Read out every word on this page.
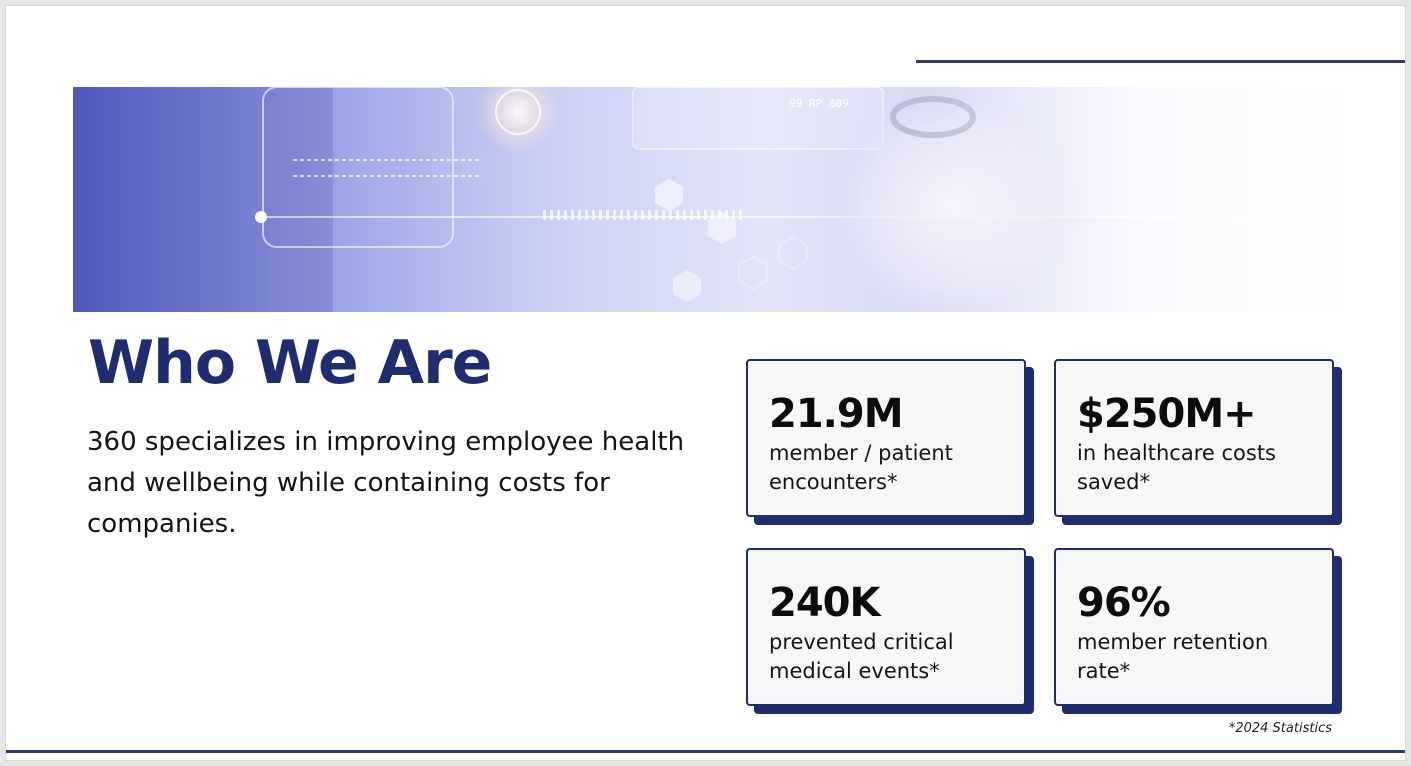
99 RP 809
Who We Are

360 specializes in improving employee health and wellbeing while containing costs for companies.

21.9M
member / patient encounters*
$250M+
in healthcare costs saved*
240K
prevented critical medical events*
96%
member retention rate*
*2024 Statistics
